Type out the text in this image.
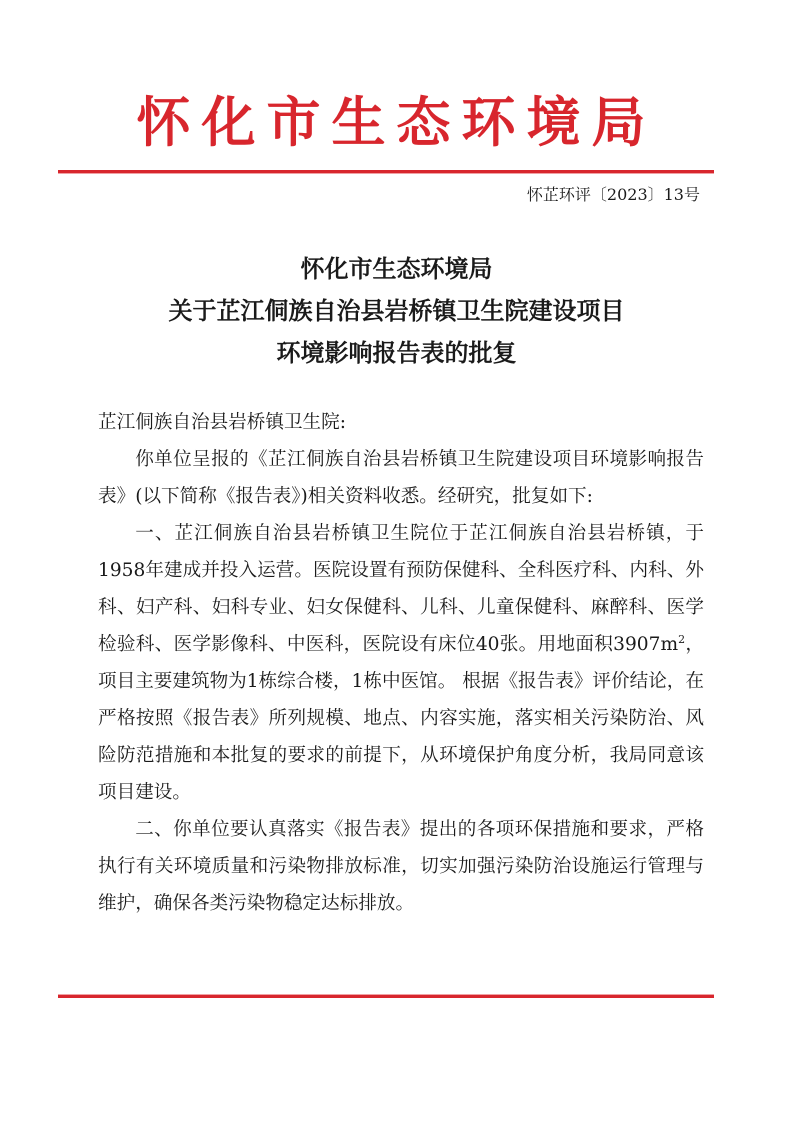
怀化市生态环境局
怀芷环评〔2023〕13号
怀化市生态环境局
关于芷江侗族自治县岩桥镇卫生院建设项目
环境影响报告表的批复

芷江侗族自治县岩桥镇卫生院:

你单位呈报的《芷江侗族自治县岩桥镇卫生院建设项目环境影响报告表》(以下简称《报告表》)相关资料收悉。经研究，批复如下:

一、芷江侗族自治县岩桥镇卫生院位于芷江侗族自治县岩桥镇，于1958年建成并投入运营。医院设置有预防保健科、全科医疗科、内科、外科、妇产科、妇科专业、妇女保健科、儿科、儿童保健科、麻醉科、医学检验科、医学影像科、中医科，医院设有床位40张。用地面积$3907m^2$，项目主要建筑物为1栋综合楼，1栋中医馆。 根据《报告表》评价结论，在严格按照《报告表》所列规模、地点、内容实施，落实相关污染防治、风险防范措施和本批复的要求的前提下，从环境保护角度分析，我局同意该项目建设。

二、你单位要认真落实《报告表》提出的各项环保措施和要求，严格执行有关环境质量和污染物排放标准，切实加强污染防治设施运行管理与维护，确保各类污染物稳定达标排放。
